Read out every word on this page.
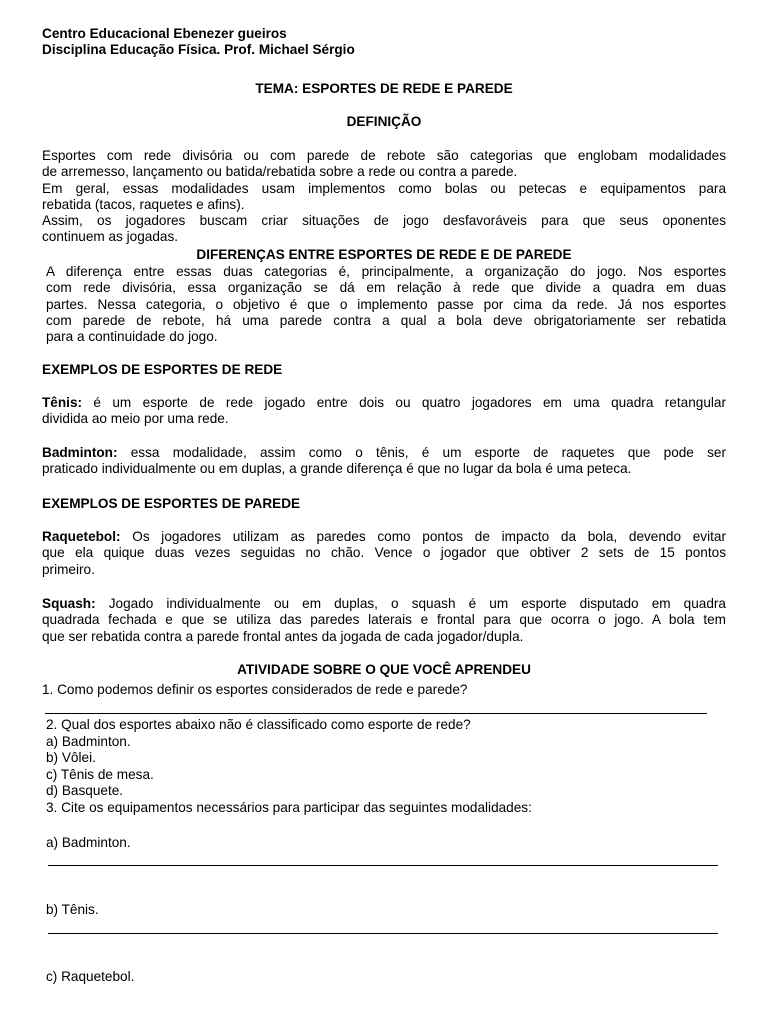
Centro Educacional Ebenezer gueiros
Disciplina Educação Física. Prof. Michael Sérgio
TEMA: ESPORTES DE REDE E PAREDE
DEFINIÇÃO
Esportes com rede divisória ou com parede de rebote são categorias que englobam modalidades
de arremesso, lançamento ou batida/rebatida sobre a rede ou contra a parede.
Em geral, essas modalidades usam implementos como bolas ou petecas e equipamentos para
rebatida (tacos, raquetes e afins).
Assim, os jogadores buscam criar situações de jogo desfavoráveis para que seus oponentes
continuem as jogadas.
DIFERENÇAS ENTRE ESPORTES DE REDE E DE PAREDE
A diferença entre essas duas categorias é, principalmente, a organização do jogo. Nos esportes
com rede divisória, essa organização se dá em relação à rede que divide a quadra em duas
partes. Nessa categoria, o objetivo é que o implemento passe por cima da rede. Já nos esportes
com parede de rebote, há uma parede contra a qual a bola deve obrigatoriamente ser rebatida
para a continuidade do jogo.
EXEMPLOS DE ESPORTES DE REDE
Tênis: é um esporte de rede jogado entre dois ou quatro jogadores em uma quadra retangular
dividida ao meio por uma rede.
Badminton: essa modalidade, assim como o tênis, é um esporte de raquetes que pode ser
praticado individualmente ou em duplas, a grande diferença é que no lugar da bola é uma peteca.
EXEMPLOS DE ESPORTES DE PAREDE
Raquetebol: Os jogadores utilizam as paredes como pontos de impacto da bola, devendo evitar
que ela quique duas vezes seguidas no chão. Vence o jogador que obtiver 2 sets de 15 pontos
primeiro.
Squash: Jogado individualmente ou em duplas, o squash é um esporte disputado em quadra
quadrada fechada e que se utiliza das paredes laterais e frontal para que ocorra o jogo. A bola tem
que ser rebatida contra a parede frontal antes da jogada de cada jogador/dupla.
ATIVIDADE SOBRE O QUE VOCÊ APRENDEU
1. Como podemos definir os esportes considerados de rede e parede?
2. Qual dos esportes abaixo não é classificado como esporte de rede?
a) Badminton.
b) Vôlei.
c) Tênis de mesa.
d) Basquete.
3. Cite os equipamentos necessários para participar das seguintes modalidades:
a) Badminton.
b) Tênis.
c) Raquetebol.
